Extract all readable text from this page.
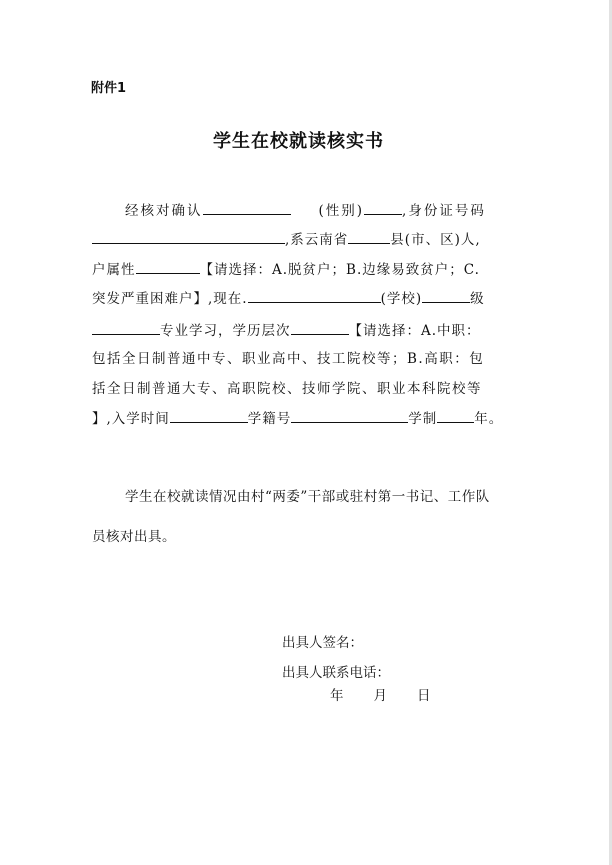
附件1
学生在校就读核实书
经核对确认	(性别)	,身份证号码
,系云南省	县(市、区)人,
户属性	【请选择：A.脱贫户；B.边缘易致贫户；C.
突发严重困难户】,现在.	(学校)	级
专业学习，学历层次	【请选择：A.中职：
包括全日制普通中专、职业高中、技工院校等；B.高职：包
括全日制普通大专、高职院校、技师学院、职业本科院校等
】,入学时间	学籍号	学制	年。
学生在校就读情况由村“两委”干部或驻村第一书记、工作队
员核对出具。
出具人签名：
出具人联系电话：
年 月 日
